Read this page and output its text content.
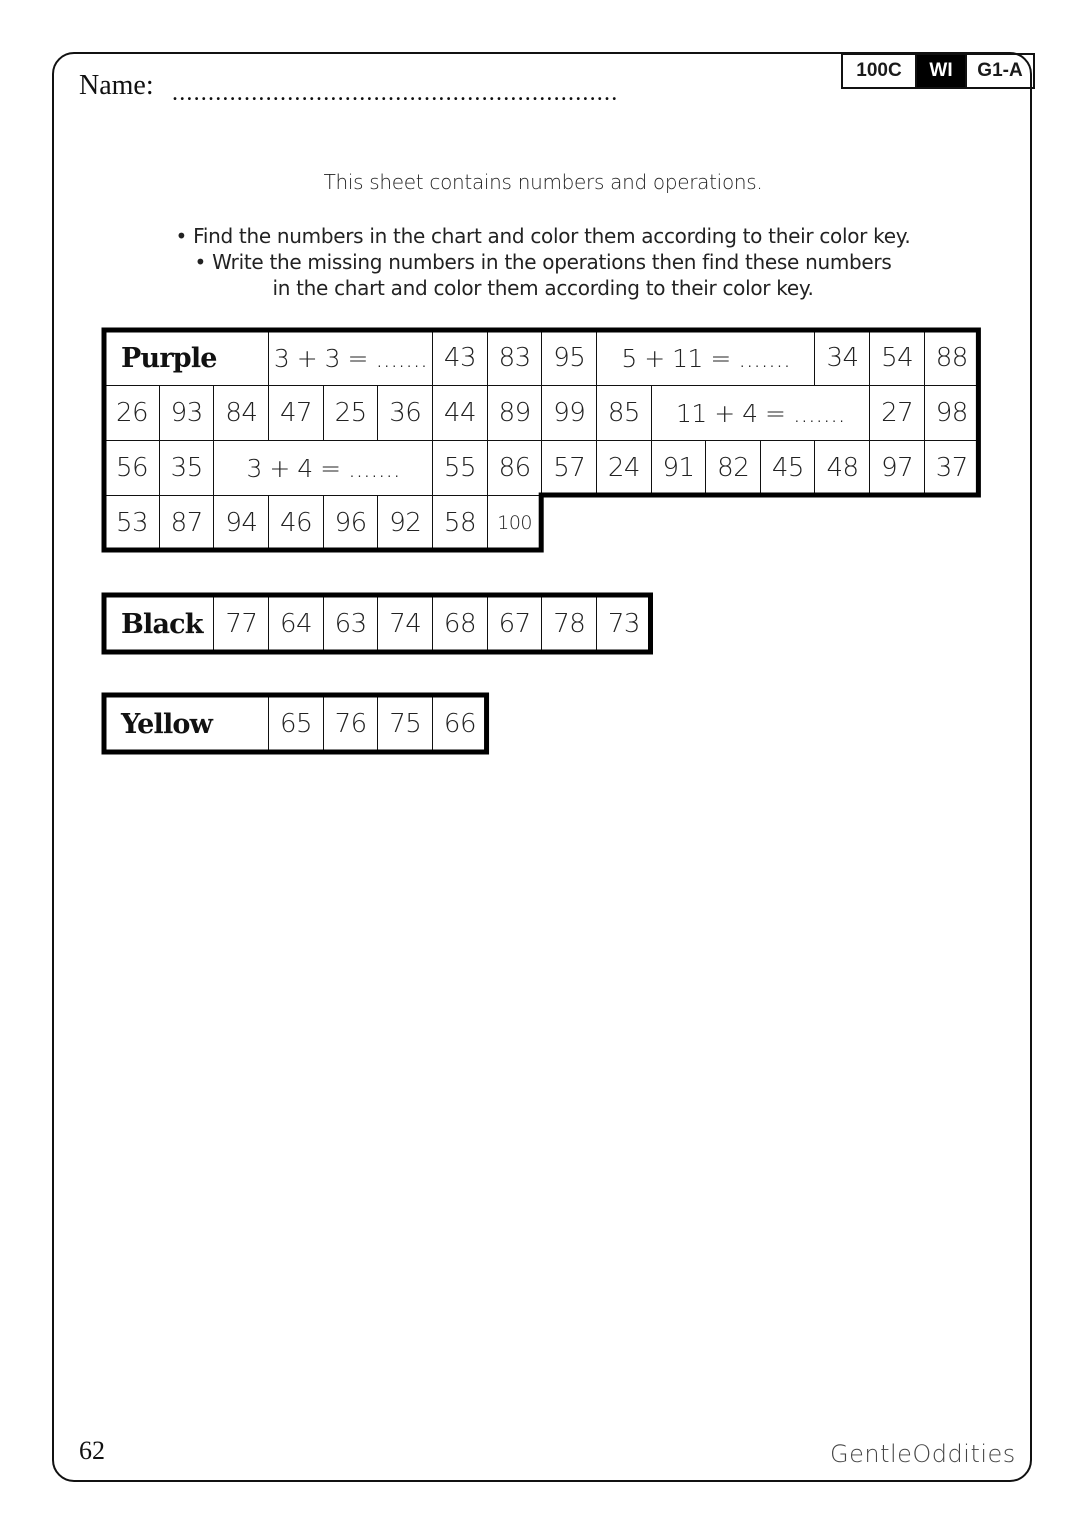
Name: ..............................................................
100C	WI	G1-A
This sheet contains numbers and operations.
• Find the numbers in the chart and color them according to their color key.
• Write the missing numbers in the operations then find these numbers
in the chart and color them according to their color key.
Purple	3 + 3 = ....... 43 83 95	5 + 11 = .......	34 54 88
26 93 84 47 25 36 44 89 99 85	11 + 4 = .......	27 98
56 35	3 + 4 = .......	55 86 57 24 91 82 45 48 97 37
53 87 94 46 96 92 58	100
Black 77 64 63 74 68 67 78 73
Yellow	65 76 75 66
62	GentleOddities
